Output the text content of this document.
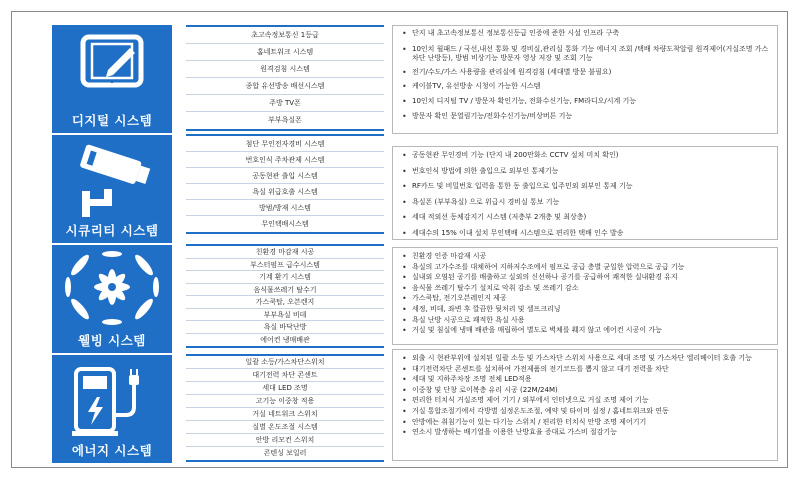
디지털 시스템
초고속정보통신 1등급
홈네트워크 시스템
원격검침 시스템
종합 유선방송 배선시스템
주방 TV폰
부부욕실폰
• 단지 내 초고속정보통신 정보통신등급 인증에 준한 시설 인프라 구축
• 10인치 월패드 / 국선,내선 통화 및 경비실,관리실 통화 기능 에너지 조회 /택배 차량도착알림 원격제어(거실조명 가스차단 난방등), 방범 비상기능 방문자 영상 저장 및 조회 기능
• 전기/수도/가스 사용량을 관리실에 원격검침 (세대별 방문 불필요)
• 케이블TV, 유선방송 시청이 가능한 시스템
• 10인치 디지털 TV / 방문자 확인기능, 전화수신기능, FM라디오/시계 기능
• 방문자 확인 문열림기능/전화수신기능/비상버튼 기능
시큐리티 시스템
첨단 무인전자경비 시스템
번호인식 주차관제 시스템
공동현관 출입 시스템
욕실 위급호출 시스템
방범/방재 시스템
무인택배시스템
• 공동현관 무인경비 기능 (단지 내 200만화소 CCTV 설치 미치 확인)
• 번호인식 방법에 의한 출입으로 외부인 통제기능
• RF카드 및 비밀번호 입력을 통한 동 출입으로 입주민외 외부인 통제 기능
• 욕실폰 (부부욕실) 으로 위급시 경비실 통보 기능
• 세대 적외선 동체감지기 시스템 (저층부 2개층 및 최상층)
• 세대수의 15% 이내 설치 무인택배 시스템으로 편리한 택배 인수 발송
웰빙 시스템
친환경 마감재 시공
부스터펌프 급수시스템
기계 환기 시스템
음식물쓰레기 탈수기
가스쿡탑, 오븐렌지
부부욕실 비데
욕실 바닥난방
에어컨 냉매배관
• 친환경 인증 마감재 시공
• 욕실의 고가수조를 대체하여 지하저수조에서 펌프로 공급 층별 균일한 압력으로 공급 기능
• 실내외 오염된 공기를 배출하고 실외의 신선하나 공기를 공급하여 쾌적한 실내환경 유지
• 음식물 쓰레기 탈수기 설치로 악취 감소 및 쓰레기 감소
• 가스쿡탑, 전기오븐레인지 제공
• 세정, 비데, 좌변 후 깔끔한 뒷처리 및 셀프크리닝
• 욕실 난방 시공으로 쾌적한 욕실 사용
• 거실 및 침실에 냉매 배관을 매립하여 별도로 벽체를 훼지 않고 에어컨 시공이 가능
에너지 시스템
일괄 소등/가스차단스위치
대기전력 차단 콘센트
세대 LED 조명
고기능 이중창 적용
거실 네트워크 스위치
실별 온도조절 시스템
안방 리모컨 스위치
콘텐싱 보일러
• 외출 시 현관부위에 설치된 일괄 소등 및 가스차단 스위치 사용으로 세대 조명 및 가스차단 엘리베이터 호출 기능
• 대기전력차단 콘센트를 설치하여 가전제품의 전기코드를 뽑지 않고 대기 전력을 차단
• 세대 및 지하주차장 조명 전체 LED적용
• 이중창 및 단창 로이복층 유리 시공 (22M/24M)
• 편리한 터치식 거실조명 제어 기기 / 외부에서 인터넷으로 거실 조명 제어 기능
• 거실 통합조절기에서 각방별 설정온도조절, 예약 및 타이머 설정 / 홈네트워크와 연동
• 안방에는 취침기능이 있는 다기능 스위치 / 편리한 터치식 안방 조명 제어기기
• 연소시 발생하는 배기열을 이용한 난방효율 증대로 가스비 절감기능
